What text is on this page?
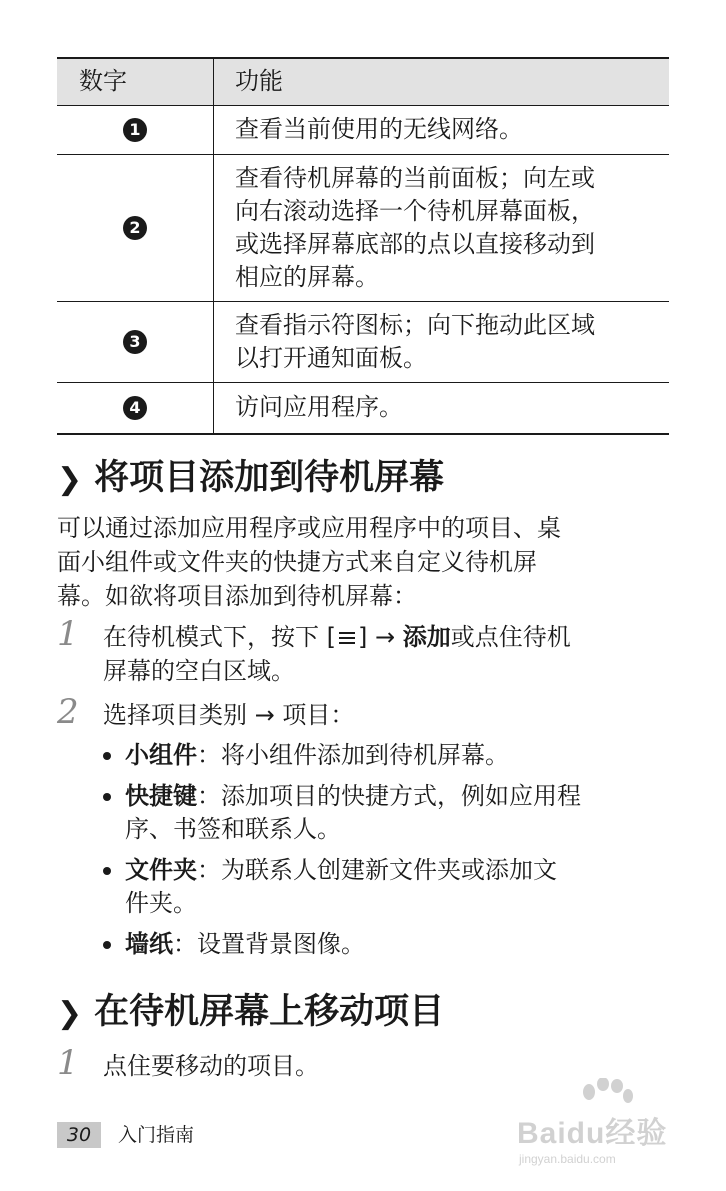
数字	功能
1	查看当前使用的无线网络。
2	查看待机屏幕的当前面板；向左或
向右滚动选择一个待机屏幕面板，
或选择屏幕底部的点以直接移动到
相应的屏幕。
3	查看指示符图标；向下拖动此区域
以打开通知面板。
4	访问应用程序。
❯ 将项目添加到待机屏幕

可以通过添加应用程序或应用程序中的项目、桌
面小组件或文件夹的快捷方式来自定义待机屏
幕。如欲将项目添加到待机屏幕：

1 在待机模式下，按下 [ ] → 添加或点住待机
屏幕的空白区域。
2 选择项目类别 → 项目：
小组件：将小组件添加到待机屏幕。
快捷键：添加项目的快捷方式，例如应用程
序、书签和联系人。
文件夹：为联系人创建新文件夹或添加文
件夹。
墙纸：设置背景图像。
❯ 在待机屏幕上移动项目
1 点住要移动的项目。
30	入门指南	Baidu经验
jingyan.baidu.com
